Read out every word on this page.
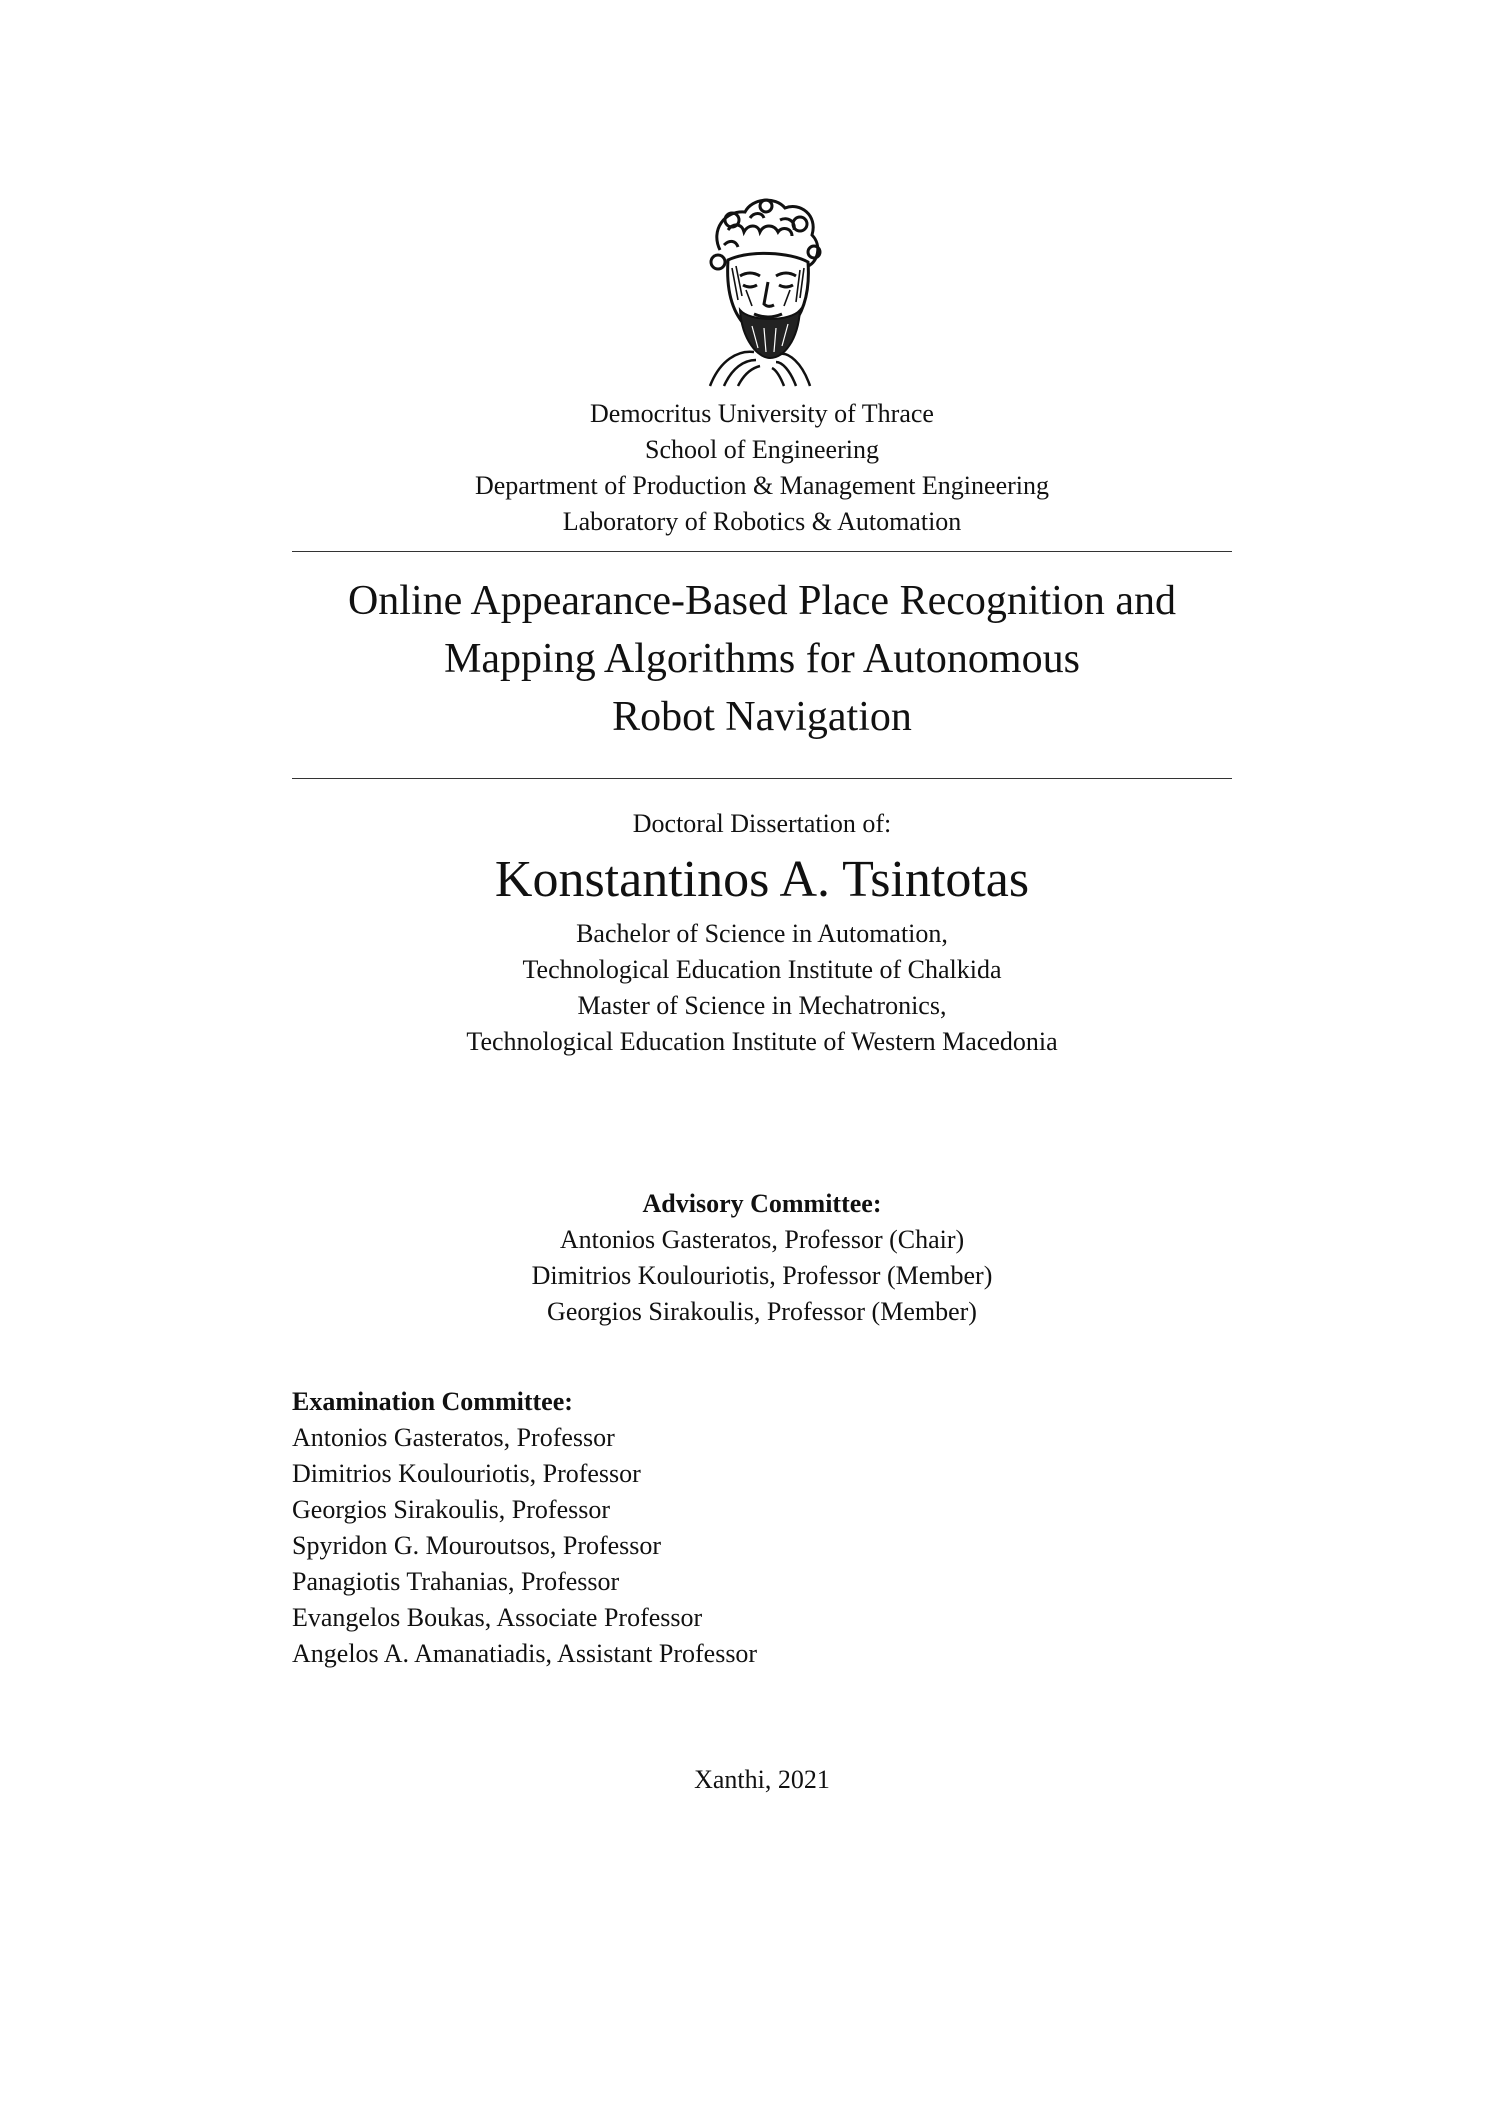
Democritus University of Thrace
School of Engineering
Department of Production & Management Engineering
Laboratory of Robotics & Automation
Online Appearance-Based Place Recognition and
Mapping Algorithms for Autonomous
Robot Navigation
Doctoral Dissertation of:
Konstantinos A. Tsintotas
Bachelor of Science in Automation,
Technological Education Institute of Chalkida
Master of Science in Mechatronics,
Technological Education Institute of Western Macedonia
Advisory Committee:
Antonios Gasteratos, Professor (Chair)
Dimitrios Koulouriotis, Professor (Member)
Georgios Sirakoulis, Professor (Member)
Examination Committee:
Antonios Gasteratos, Professor
Dimitrios Koulouriotis, Professor
Georgios Sirakoulis, Professor
Spyridon G. Mouroutsos, Professor
Panagiotis Trahanias, Professor
Evangelos Boukas, Associate Professor
Angelos A. Amanatiadis, Assistant Professor
Xanthi, 2021
